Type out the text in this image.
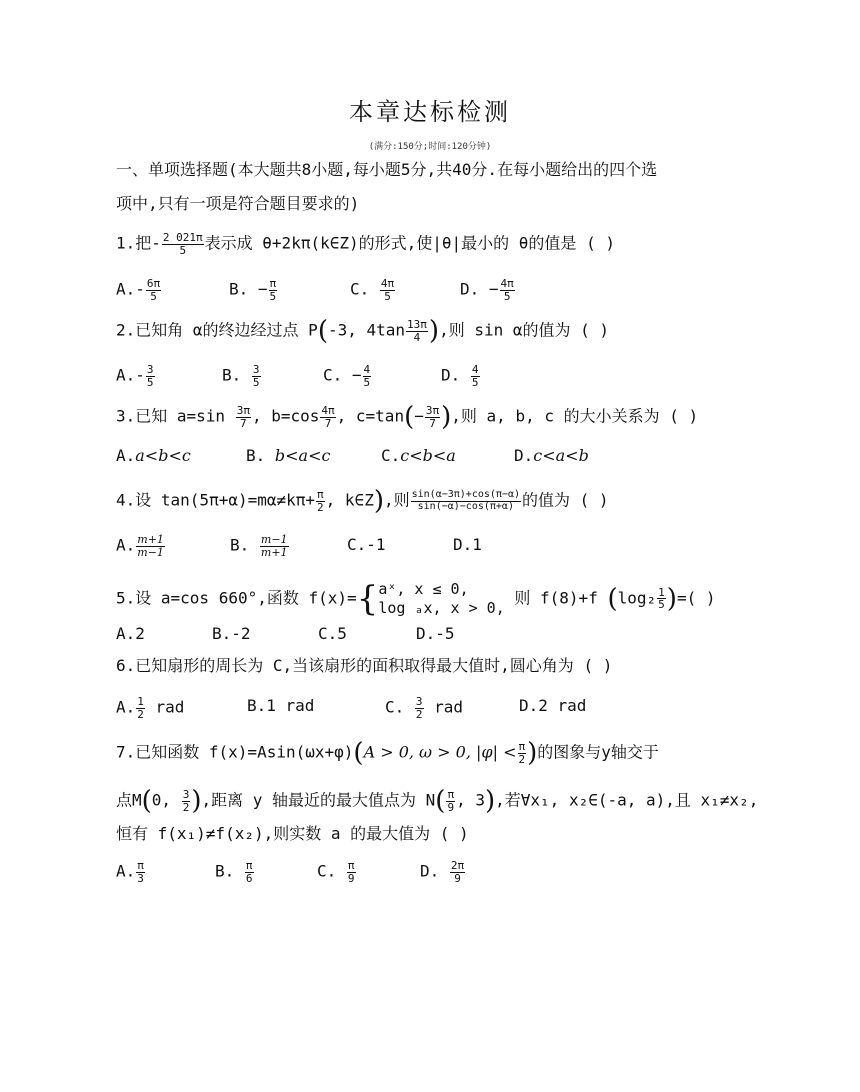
本章达标检测
(满分:150分;时间:120分钟)
一、单项选择题(本大题共8小题,每小题5分,共40分.在每小题给出的四个选
项中,只有一项是符合题目要求的)
1.把- $\frac{2 021\pi}{5}$ 表示成 θ+2kπ(k∈Z)的形式,使|θ|最小的 θ的值是 ( )
$A.- \frac{6\pi}{5}$	B. − $\frac{\pi}{5}$	C. $\frac{4\pi}{5}$	D. − $\frac{4\pi}{5}$
2.已知角 α的终边经过点 P(-3, $4\tan \frac{13\pi}{4}$ ),则 sin α的值为 ( )
$A.- \frac{3}{5}$	B. $\frac{3}{5}$	C. − $\frac{4}{5}$	D. $\frac{4}{5}$
3.已知 $a=\sin \frac{3\pi}{7}$ , $b=\cos \frac{4\pi}{7}$ , $c=\tan(- \frac{3\pi}{7}$ ),则 a, b, c 的大小关系为 ( )
A.a<b<c	B. b<a<c	C.c<b<a	D.c<a<b
4.设 $\tan(5\pi+\alpha)=m\alpha\ne k\pi+ \frac{\pi}{2}$ , k∈Z),则 $\frac{\sin(\alpha-3\pi)+\cos(\pi-\alpha)}{\sin(-\alpha)-\cos(\pi+\alpha)}$ 的值为 ( )
A. $\frac{m+1}{m-1}$	B. $\frac{m-1}{m+1}$	C.-1	D.1
5.设 a=cos 660°,函数 f(x)={ aˣ, x ≤ 0,
log ₐx, x > 0,
则 f(8)+f ($\log_2 \frac{1}{5}$ )=( )
A.2	B.-2	C.5	D.-5
6.已知扇形的周长为 C,当该扇形的面积取得最大值时,圆心角为 ( )
A. $\frac{1}{2}$ rad	B.1 rad	C. $\frac{3}{2}$ rad	D.2 rad
7.已知函数 f(x)=Asin(ωx+φ)(A > 0, ω > 0, $|\varphi| < \frac{\pi}{2}$ )的图象与y轴交于
点M(0, $\frac{3}{2}$ ),距离 y 轴最近的最大值点为 $N( \frac{\pi}{9}$ , 3),若∀x₁, x₂∈(-a, a),且 x₁≠x₂,
恒有 f(x₁)≠f(x₂),则实数 a 的最大值为 ( )
A. $\frac{\pi}{3}$	B. $\frac{\pi}{6}$	C. $\frac{\pi}{9}$	D. $\frac{2\pi}{9}$
